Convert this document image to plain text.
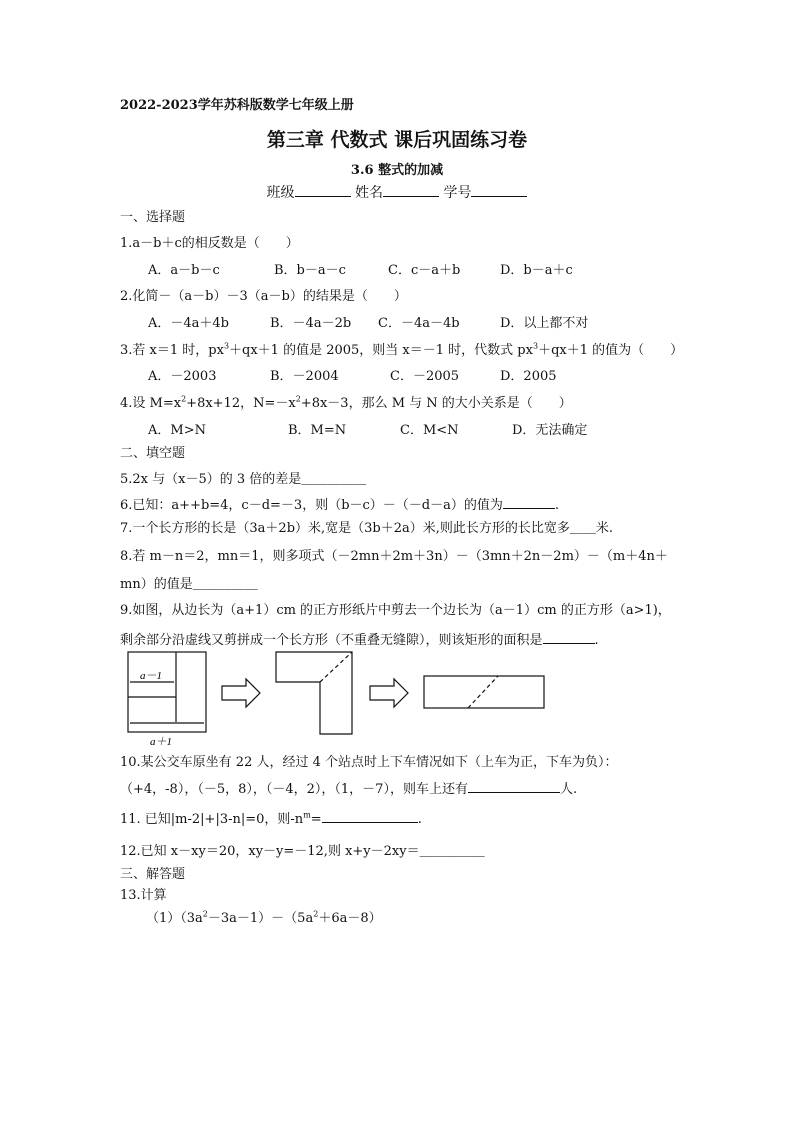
2022-2023学年苏科版数学七年级上册
第三章 代数式 课后巩固练习卷
3.6 整式的加减
班级	姓名	学号
一、选择题
1.a－b＋c的相反数是（　　）
A．a－b－c	B．b－a－c	C．c－a＋b	D．b－a＋c
2.化简－（a－b）－3（a－b）的结果是（　　）
A．－4a＋4b	B．－4a－2b C．－4a－4b	D．以上都不对
3.若 x＝1 时，$px^3+qx+1$ 的值是 2005，则当 x＝－1 时，代数式 $px^3+qx+1$ 的值为（　　）
A．－2003	B．－2004	C．－2005	D．2005
4.设 $M=x^2+8x+12$，$N=-x^2+8x-3$，那么 M 与 N 的大小关系是（　　）
A．M>N	B．M=N	C．M<N	D．无法确定
二、填空题
5.2x 与（x－5）的 3 倍的差是＿＿＿＿＿
6.已知：a++b=4，c－d=－3，则（b－c）－（－d－a）的值为	.
7.一个长方形的长是（3a＋2b）米,宽是（3b＋2a）米,则此长方形的长比宽多＿＿米.
8.若 m－n＝2，mn＝1，则多项式（－2mn＋2m＋3n）－（3mn＋2n－2m）－（m＋4n＋
mn）的值是＿＿＿＿＿
9.如图，从边长为（a+1）cm 的正方形纸片中剪去一个边长为（a－1）cm 的正方形（a>1)，
剩余部分沿虚线又剪拼成一个长方形（不重叠无缝隙），则该矩形的面积是	.
a－1
a＋1
10.某公交车原坐有 22 人，经过 4 个站点时上下车情况如下（上车为正，下车为负）：
（+4，-8），（－5，8），（－4，2），（1，－7），则车上还有	人.
11. 已知|m-2|+|3-n|=0，则$-n^m=$	.
12.已知 x－xy＝20，xy－y=－12,则 x+y－2xy＝＿＿＿＿＿
三、解答题
13.计算
$(1)(3a^2-3a-1)-(5a^2+6a-8)$
